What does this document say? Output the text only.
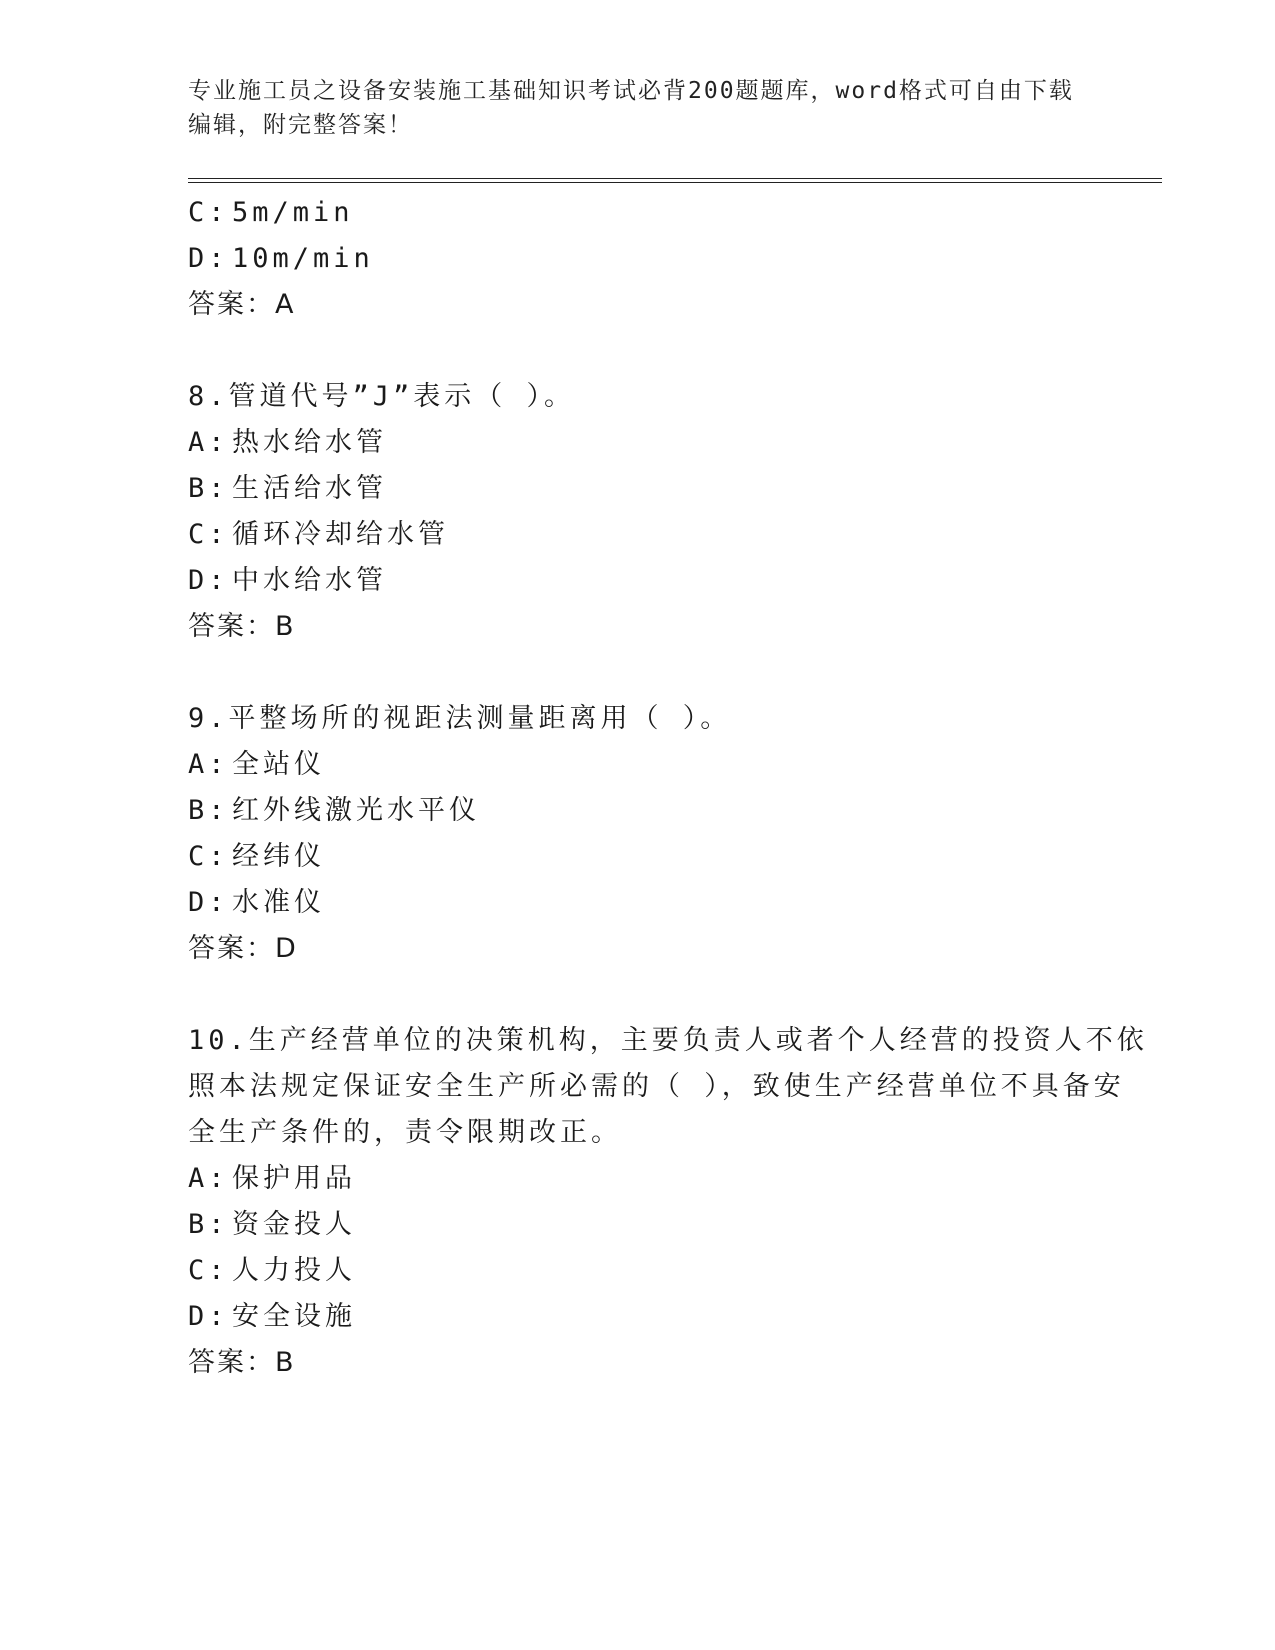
专业施工员之设备安装施工基础知识考试必背200题题库，word格式可自由下载
编辑，附完整答案！
C: 5m/min
D: 10m/min
答案：A
8.管道代号”J”表示（ ）。
A: 热水给水管
B: 生活给水管
C: 循环冷却给水管
D: 中水给水管
答案：B
9.平整场所的视距法测量距离用（ ）。
A: 全站仪
B: 红外线激光水平仪
C: 经纬仪
D: 水准仪
答案：D
10.生产经营单位的决策机构，主要负责人或者个人经营的投资人不依
照本法规定保证安全生产所必需的（ ），致使生产经营单位不具备安
全生产条件的，责令限期改正。
A: 保护用品
B: 资金投人
C: 人力投人
D: 安全设施
答案：B
